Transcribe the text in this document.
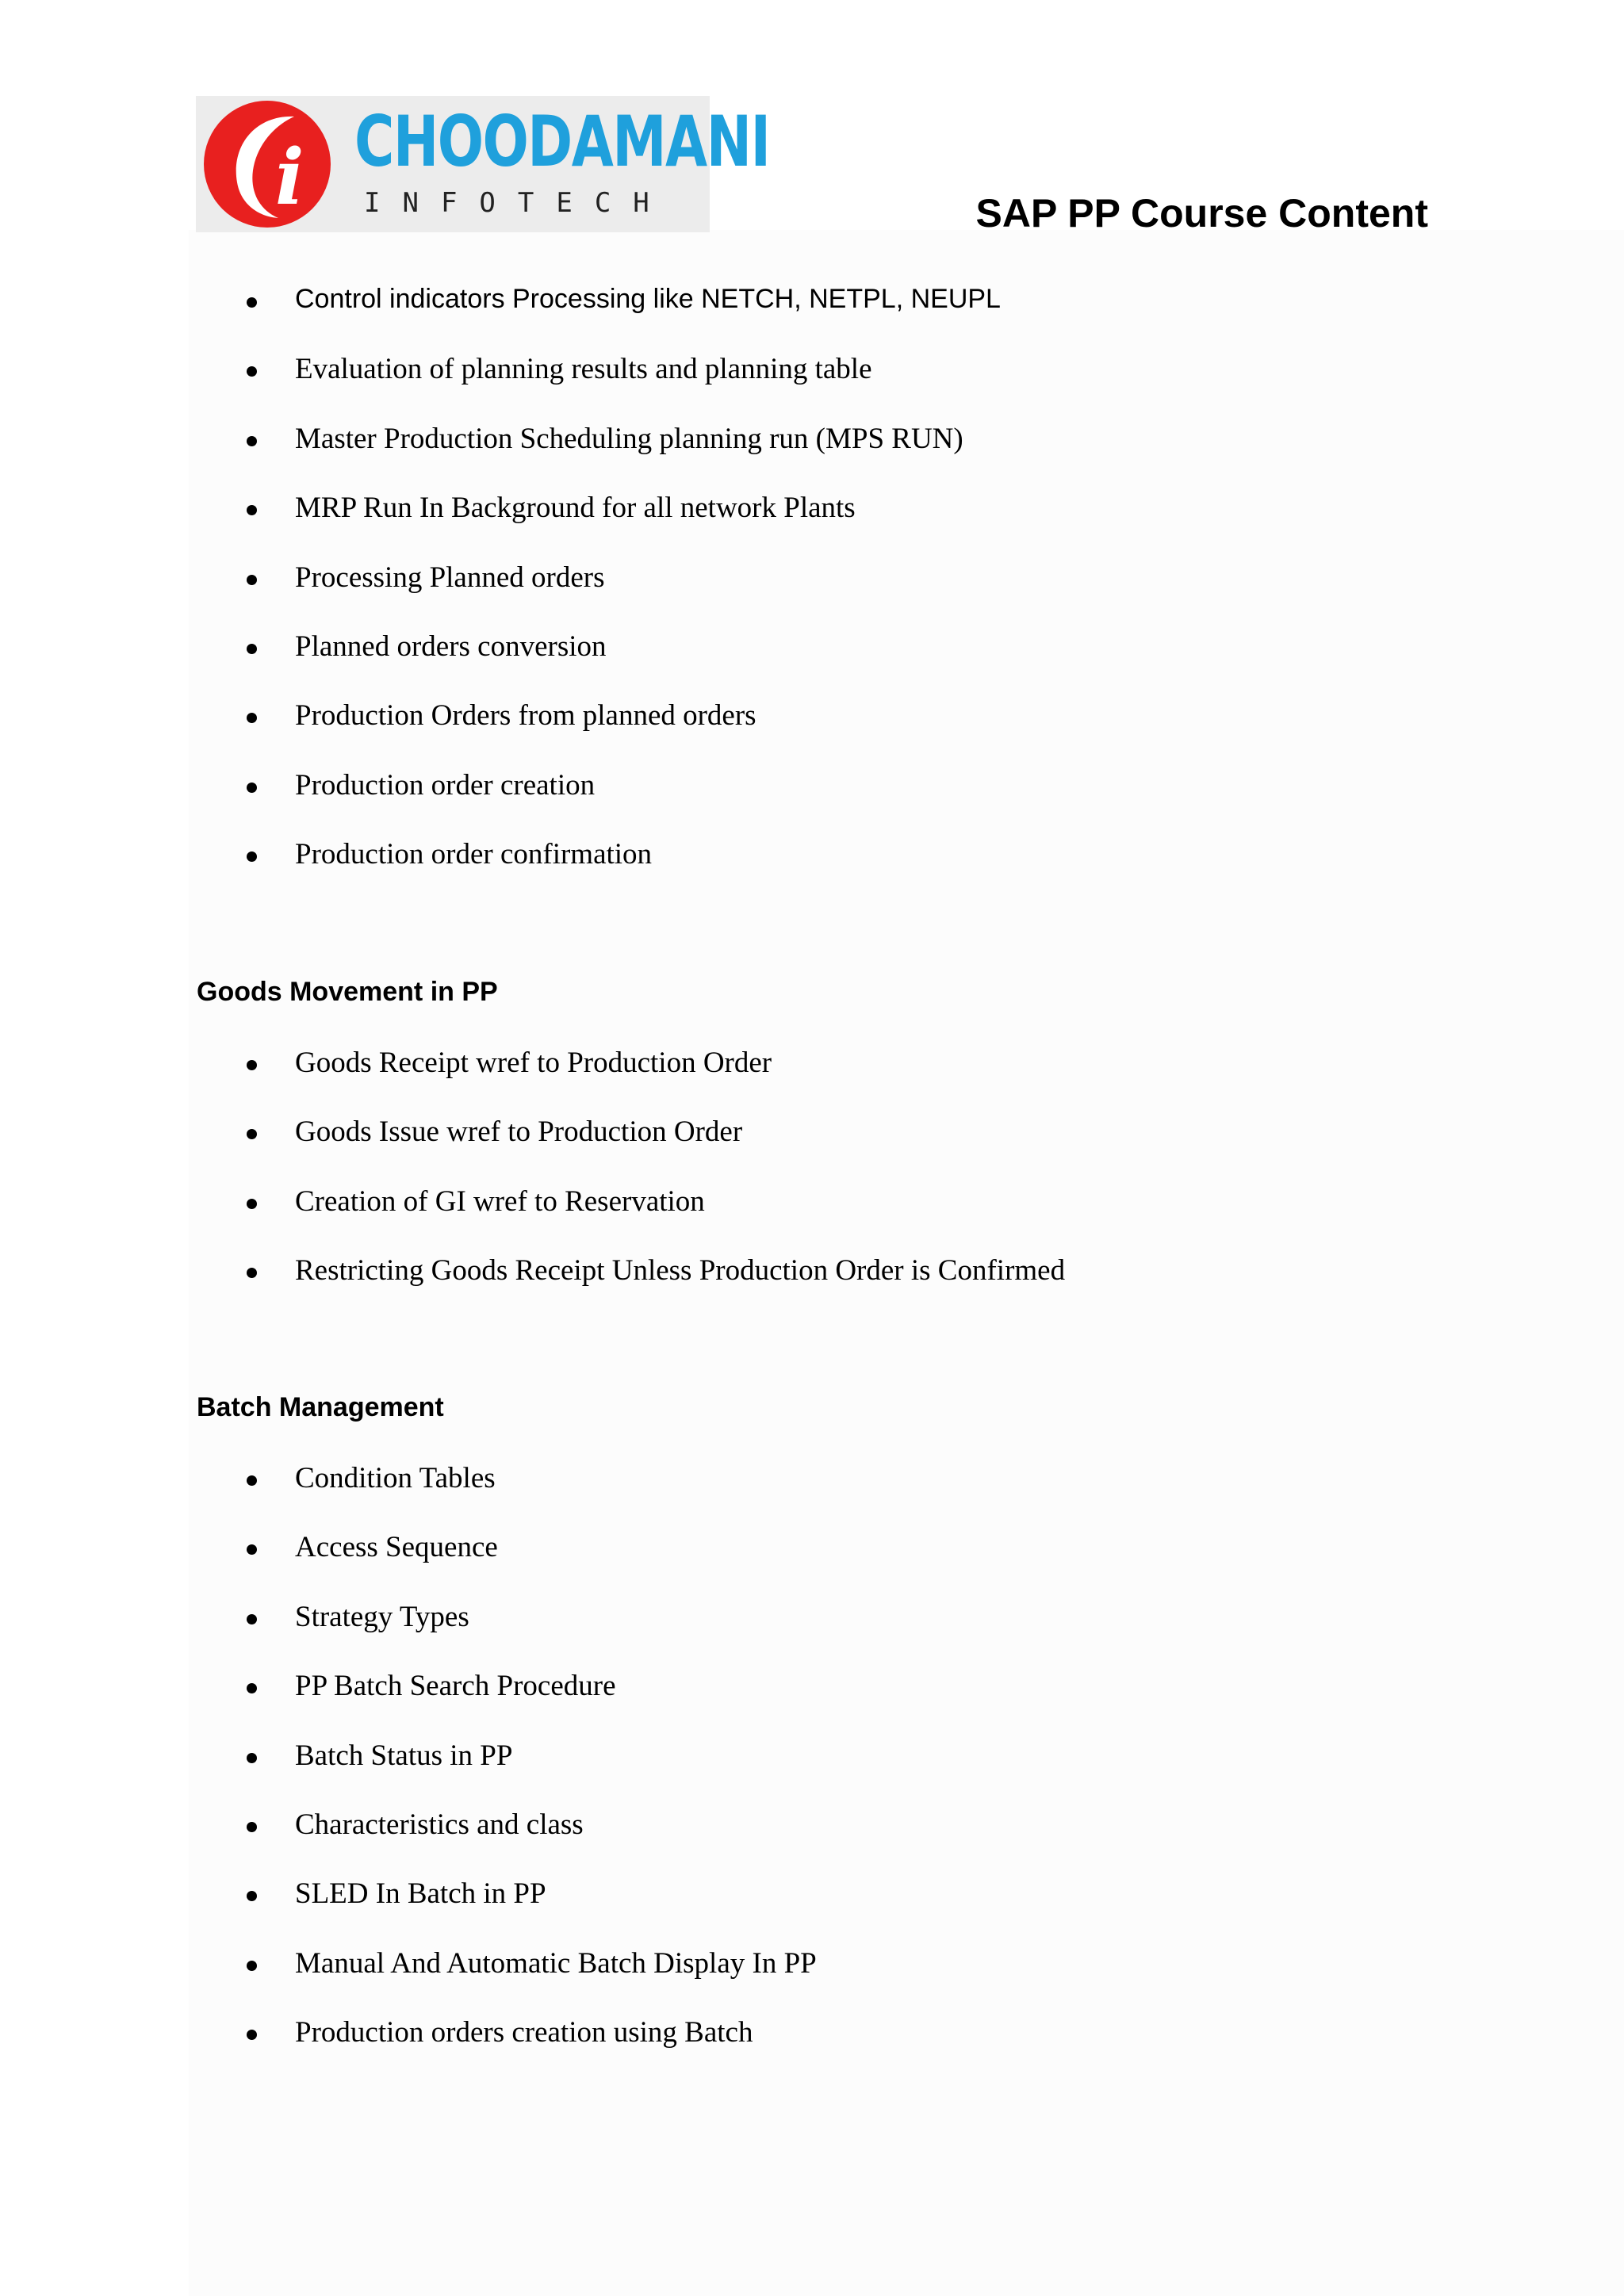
i CHOODAMANI
INFOTECH	SAP PP Course Content
Control indicators Processing like NETCH, NETPL, NEUPL
Evaluation of planning results and planning table
Master Production Scheduling planning run (MPS RUN)
MRP Run In Background for all network Plants
Processing Planned orders
Planned orders conversion
Production Orders from planned orders
Production order creation
Production order confirmation
Goods Movement in PP
Goods Receipt wref to Production Order
Goods Issue wref to Production Order
Creation of GI wref to Reservation
Restricting Goods Receipt Unless Production Order is Confirmed
Batch Management
Condition Tables
Access Sequence
Strategy Types
PP Batch Search Procedure
Batch Status in PP
Characteristics and class
SLED In Batch in PP
Manual And Automatic Batch Display In PP
Production orders creation using Batch
